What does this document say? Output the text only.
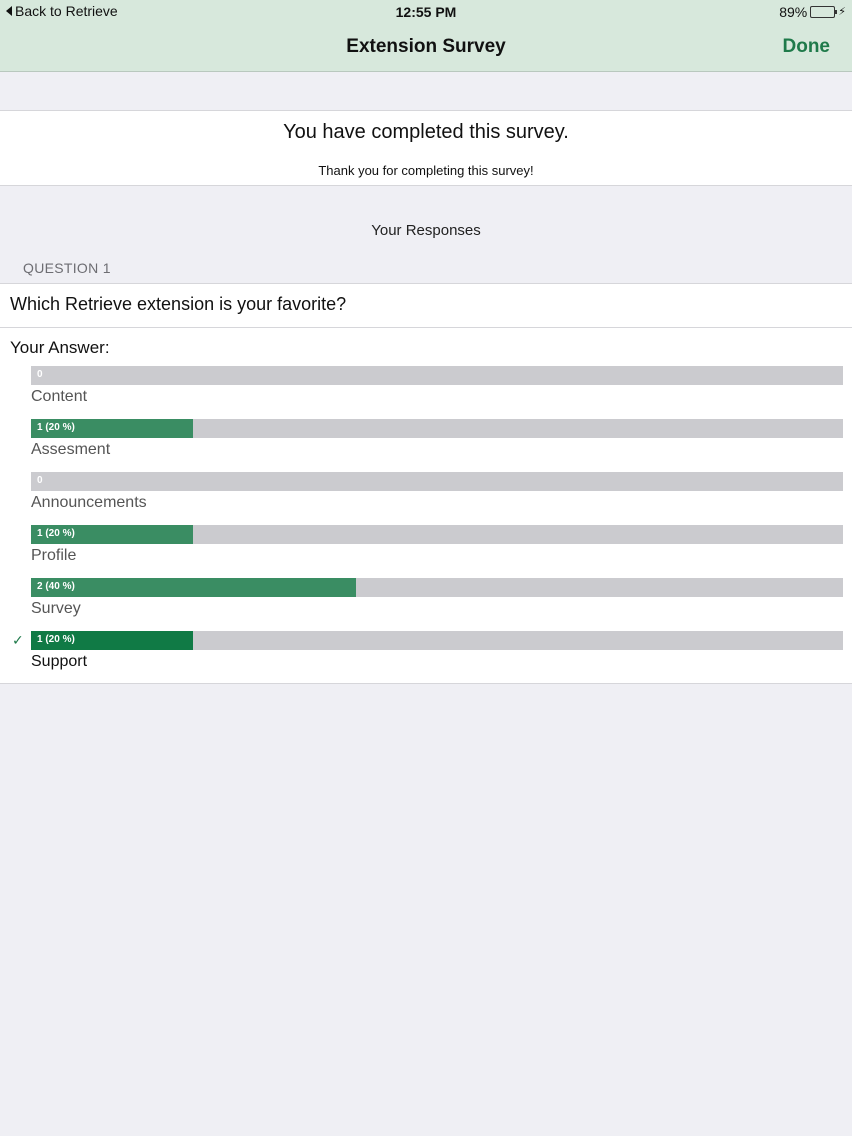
Back to Retrieve	12:55 PM	89%	⚡︎
Extension Survey	Done
You have completed this survey.
Thank you for completing this survey!
Your Responses
QUESTION 1
Which Retrieve extension is your favorite?
Your Answer:
0
Content
1 (20 %)
Assesment
0
Announcements
1 (20 %)
Profile
2 (40 %)
Survey
✓ 1 (20 %)
Support
